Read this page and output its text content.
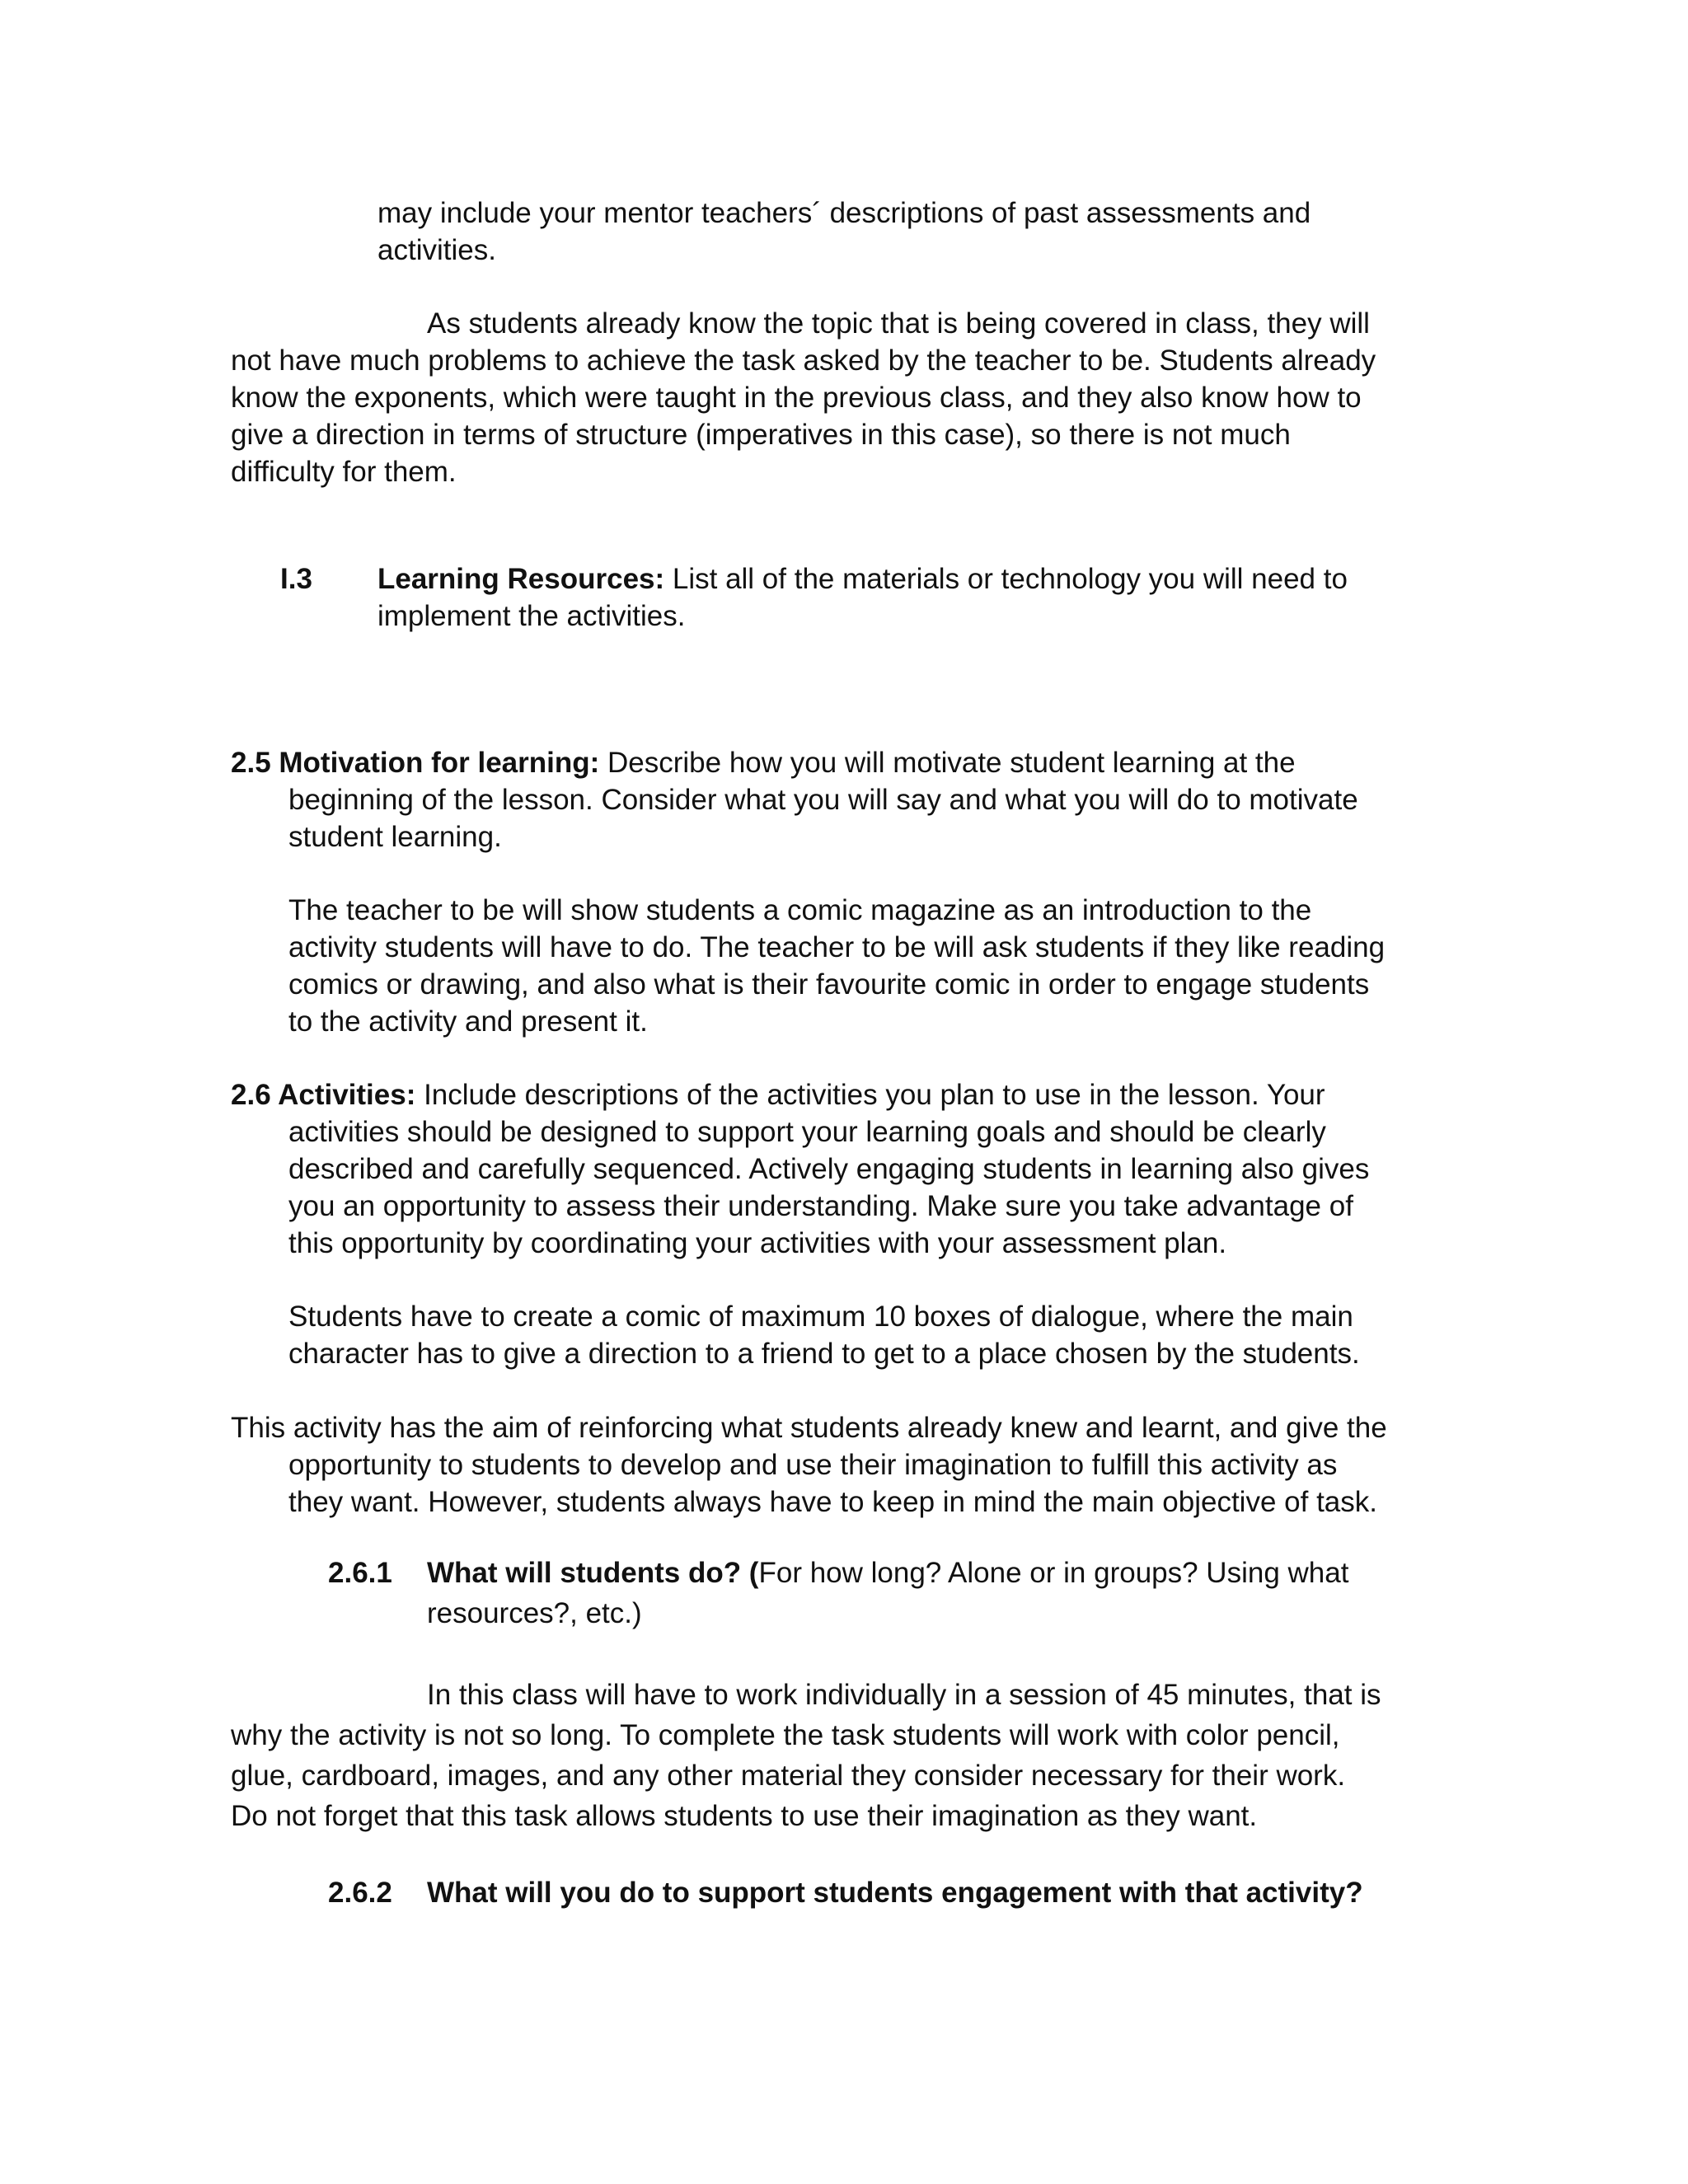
may include your mentor teachers´ descriptions of past assessments and
activities.
As students already know the topic that is being covered in class, they will
not have much problems to achieve the task asked by the teacher to be. Students already
know the exponents, which were taught in the previous class, and they also know how to
give a direction in terms of structure (imperatives in this case), so there is not much
difficulty for them.
I.3 Learning Resources: List all of the materials or technology you will need to
implement the activities.
2.5 Motivation for learning: Describe how you will motivate student learning at the
beginning of the lesson. Consider what you will say and what you will do to motivate
student learning.
The teacher to be will show students a comic magazine as an introduction to the
activity students will have to do. The teacher to be will ask students if they like reading
comics or drawing, and also what is their favourite comic in order to engage students
to the activity and present it.
2.6 Activities: Include descriptions of the activities you plan to use in the lesson. Your
activities should be designed to support your learning goals and should be clearly
described and carefully sequenced. Actively engaging students in learning also gives
you an opportunity to assess their understanding. Make sure you take advantage of
this opportunity by coordinating your activities with your assessment plan.
Students have to create a comic of maximum 10 boxes of dialogue, where the main
character has to give a direction to a friend to get to a place chosen by the students.
This activity has the aim of reinforcing what students already knew and learnt, and give the
opportunity to students to develop and use their imagination to fulfill this activity as
they want. However, students always have to keep in mind the main objective of task.
2.6.1 What will students do? (For how long? Alone or in groups? Using what
resources?, etc.)
In this class will have to work individually in a session of 45 minutes, that is
why the activity is not so long. To complete the task students will work with color pencil,
glue, cardboard, images, and any other material they consider necessary for their work.
Do not forget that this task allows students to use their imagination as they want.
2.6.2 What will you do to support students engagement with that activity?
